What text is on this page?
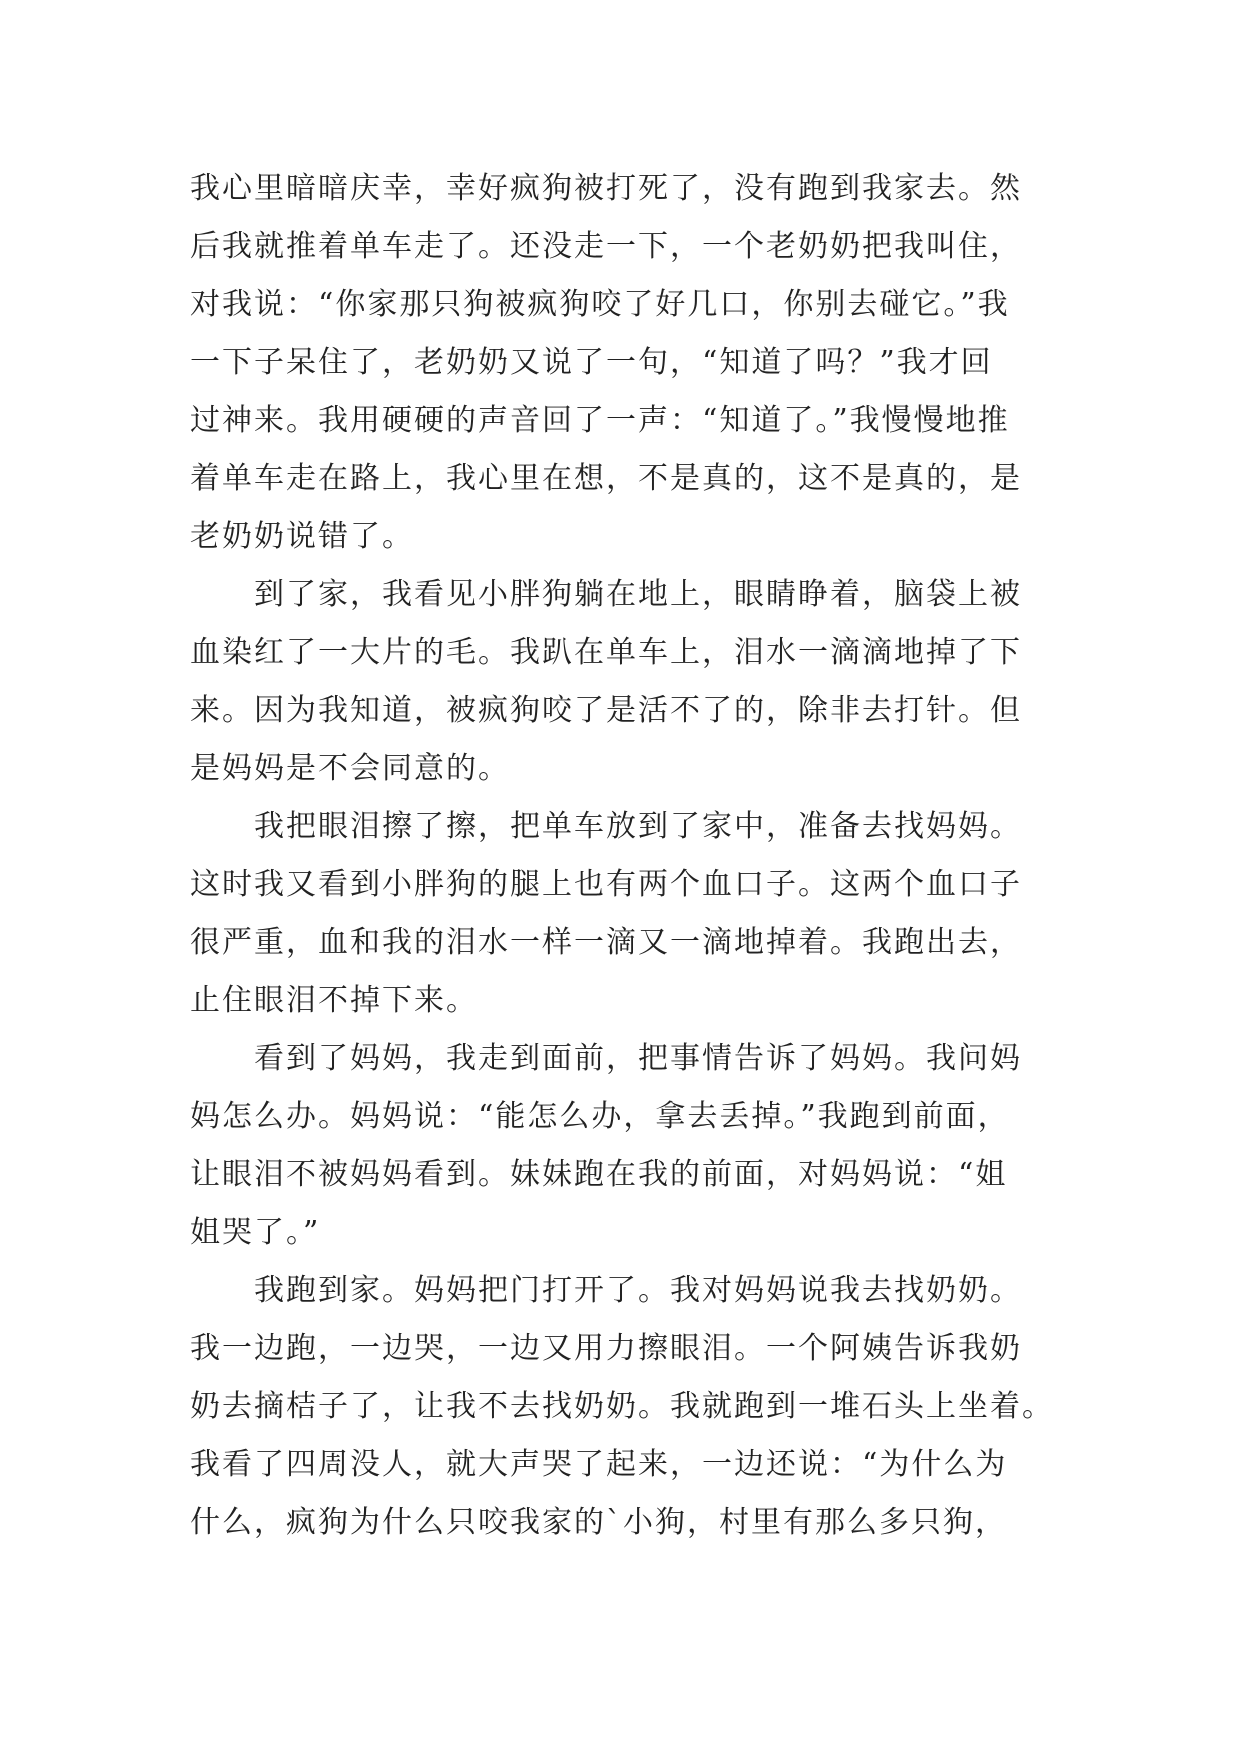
我心里暗暗庆幸，幸好疯狗被打死了，没有跑到我家去。然
后我就推着单车走了。还没走一下，一个老奶奶把我叫住，
对我说：“你家那只狗被疯狗咬了好几口，你别去碰它。”我
一下子呆住了，老奶奶又说了一句，“知道了吗？”我才回
过神来。我用硬硬的声音回了一声：“知道了。”我慢慢地推
着单车走在路上，我心里在想，不是真的，这不是真的，是
老奶奶说错了。
　　到了家，我看见小胖狗躺在地上，眼睛睁着，脑袋上被
血染红了一大片的毛。我趴在单车上，泪水一滴滴地掉了下
来。因为我知道，被疯狗咬了是活不了的，除非去打针。但
是妈妈是不会同意的。
　　我把眼泪擦了擦，把单车放到了家中，准备去找妈妈。
这时我又看到小胖狗的腿上也有两个血口子。这两个血口子
很严重，血和我的泪水一样一滴又一滴地掉着。我跑出去，
止住眼泪不掉下来。
　　看到了妈妈，我走到面前，把事情告诉了妈妈。我问妈
妈怎么办。妈妈说：“能怎么办，拿去丢掉。”我跑到前面，
让眼泪不被妈妈看到。妹妹跑在我的前面，对妈妈说：“姐
姐哭了。”
　　我跑到家。妈妈把门打开了。我对妈妈说我去找奶奶。
我一边跑，一边哭，一边又用力擦眼泪。一个阿姨告诉我奶
奶去摘桔子了，让我不去找奶奶。我就跑到一堆石头上坐着。
我看了四周没人，就大声哭了起来，一边还说：“为什么为
什么，疯狗为什么只咬我家的`小狗，村里有那么多只狗，
